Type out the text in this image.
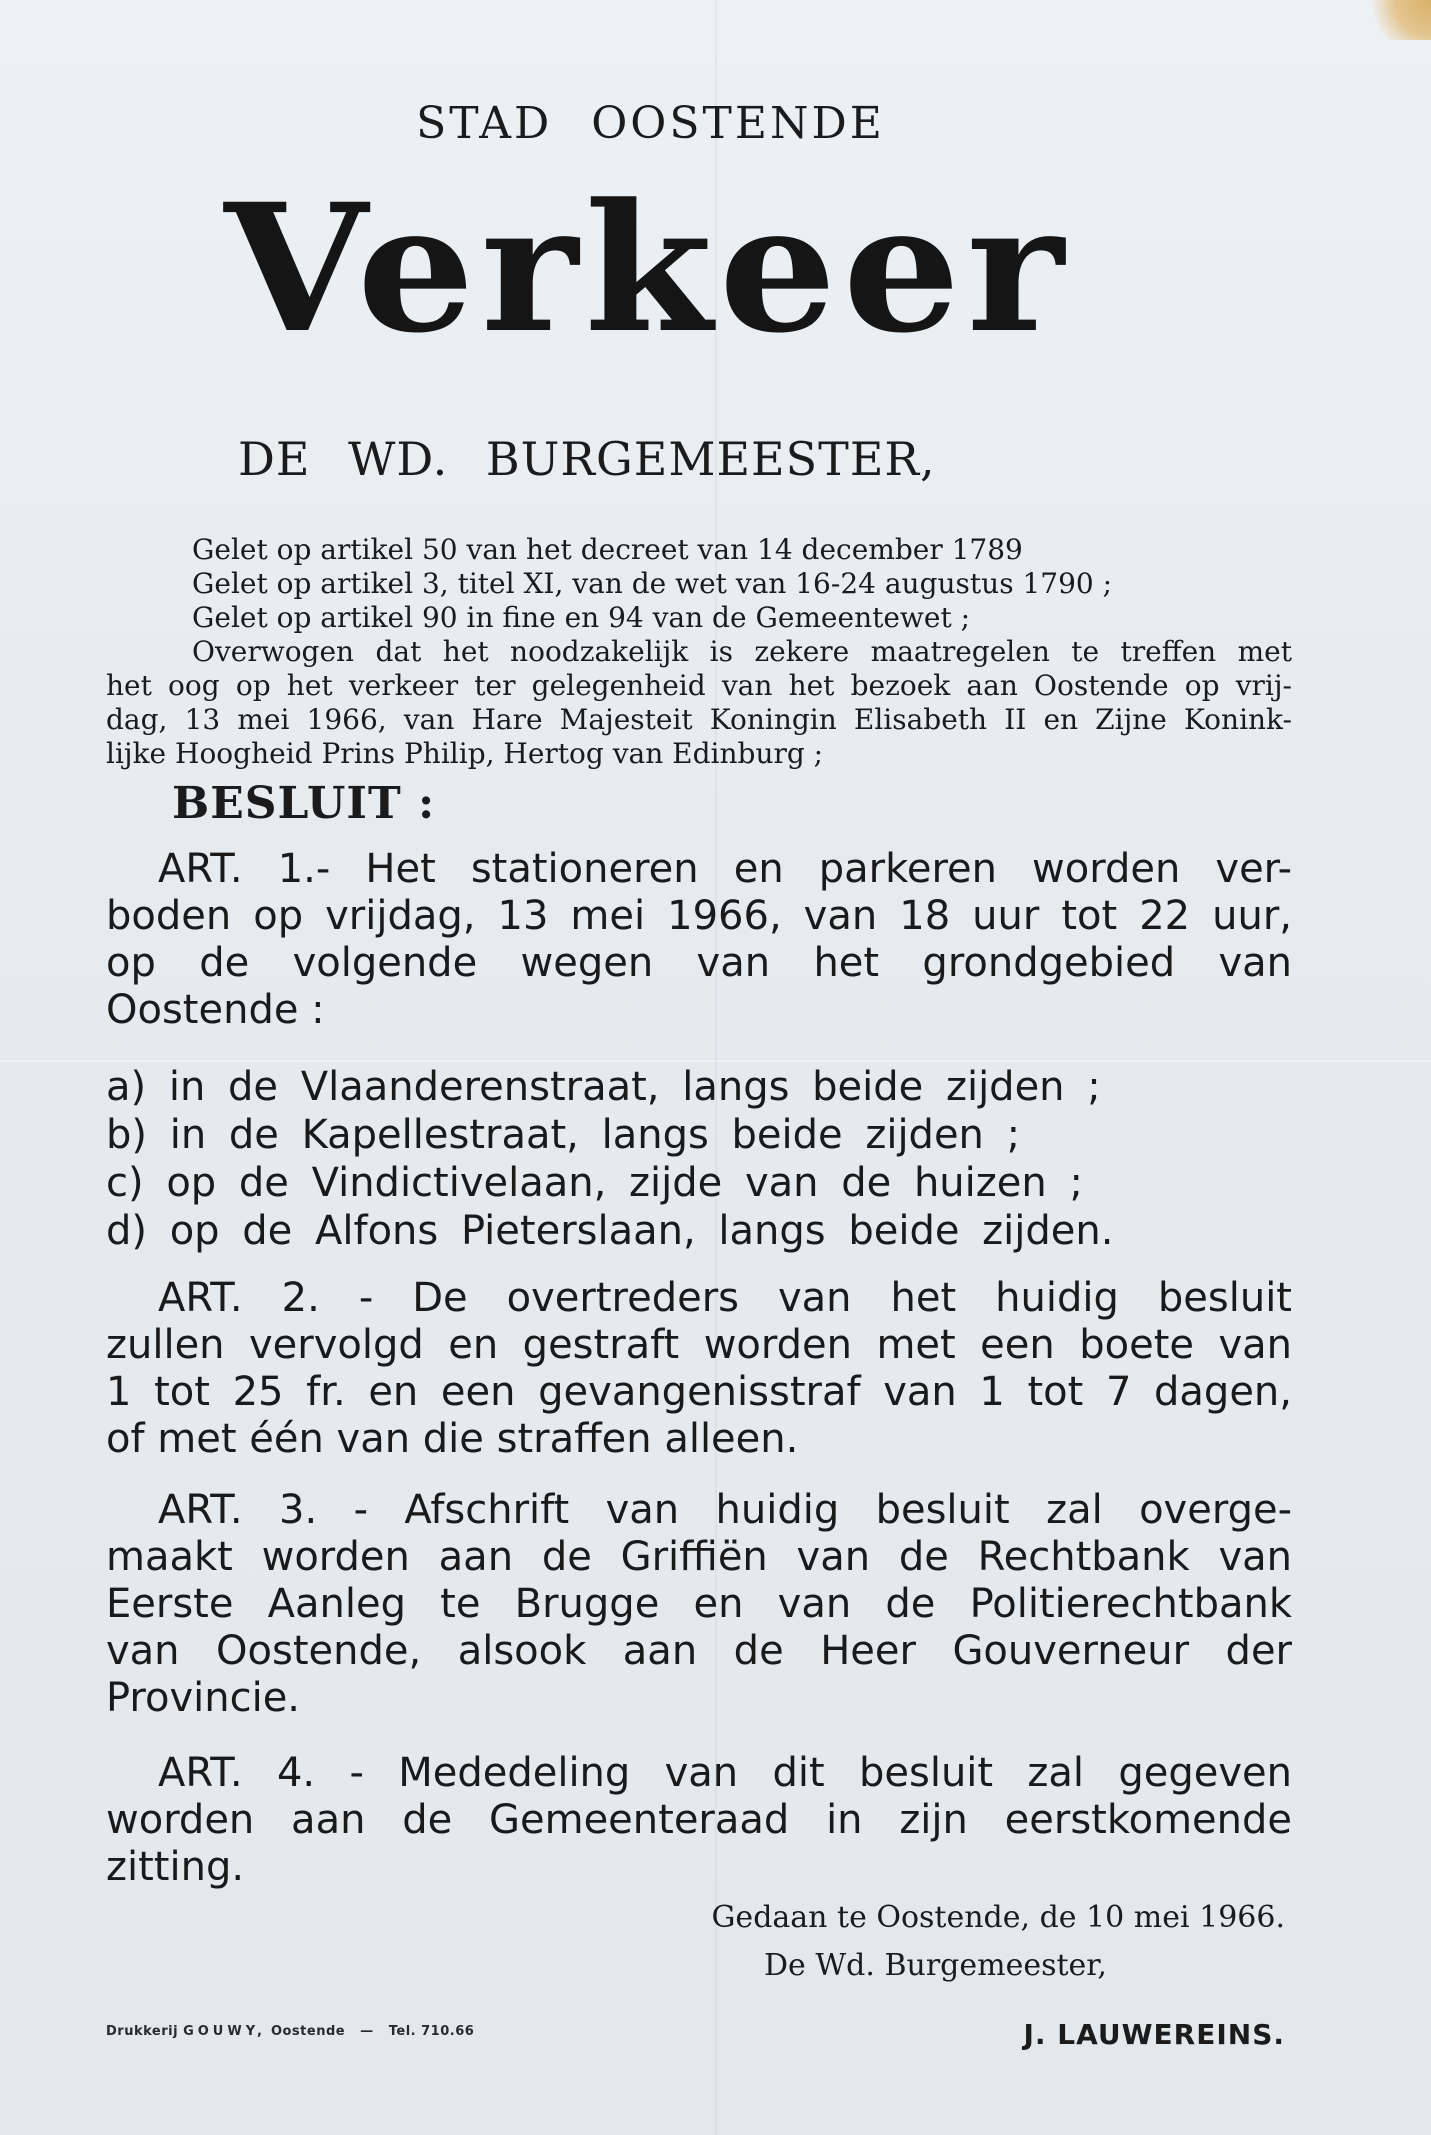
STAD OOSTENDE
Verkeer
DE WD. BURGEMEESTER,
Gelet op artikel 50 van het decreet van 14 december 1789
Gelet op artikel 3, titel XI, van de wet van 16-24 augustus 1790 ;
Gelet op artikel 90 in fine en 94 van de Gemeentewet ;
Overwogen dat het noodzakelijk is zekere maatregelen te treffen met
het oog op het verkeer ter gelegenheid van het bezoek aan Oostende op vrij-
dag, 13 mei 1966, van Hare Majesteit Koningin Elisabeth II en Zijne Konink-
lijke Hoogheid Prins Philip, Hertog van Edinburg ;
BESLUIT :
ART. 1.- Het stationeren en parkeren worden ver-
boden op vrijdag, 13 mei 1966, van 18 uur tot 22 uur,
op de volgende wegen van het grondgebied van
Oostende :
a) in de Vlaanderenstraat, langs beide zijden ;
b) in de Kapellestraat, langs beide zijden ;
c) op de Vindictivelaan, zijde van de huizen ;
d) op de Alfons Pieterslaan, langs beide zijden.
ART. 2. - De overtreders van het huidig besluit
zullen vervolgd en gestraft worden met een boete van
1 tot 25 fr. en een gevangenisstraf van 1 tot 7 dagen,
of met één van die straffen alleen.
ART. 3. - Afschrift van huidig besluit zal overge-
maakt worden aan de Griffiën van de Rechtbank van
Eerste Aanleg te Brugge en van de Politierechtbank
van Oostende, alsook aan de Heer Gouverneur der
Provincie.
ART. 4. - Mededeling van dit besluit zal gegeven
worden aan de Gemeenteraad in zijn eerstkomende
zitting.
Gedaan te Oostende, de 10 mei 1966.
De Wd. Burgemeester,
J. LAUWEREINS.
Drukkerij GOUWY, Oostende — Tel. 710.66
